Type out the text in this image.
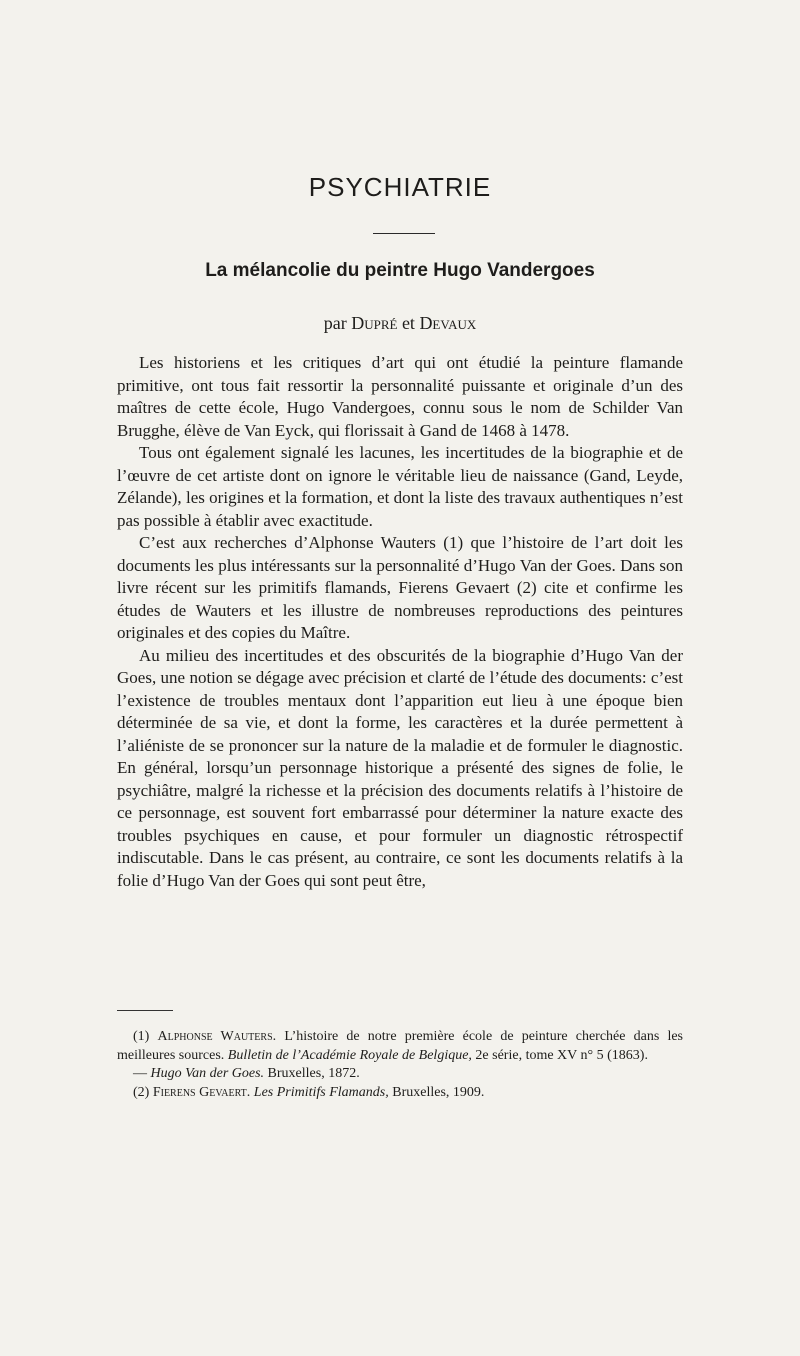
PSYCHIATRIE
La mélancolie du peintre Hugo Vandergoes
par Dupré et Devaux

Les historiens et les critiques d’art qui ont étudié la peinture flamande primitive, ont tous fait ressortir la personnalité puissante et originale d’un des maîtres de cette école, Hugo Vandergoes, connu sous le nom de Schilder Van Brugghe, élève de Van Eyck, qui florissait à Gand de 1468 à 1478.

Tous ont également signalé les lacunes, les incertitudes de la biographie et de l’œuvre de cet artiste dont on ignore le véritable lieu de naissance (Gand, Leyde, Zélande), les origines et la formation, et dont la liste des travaux authentiques n’est pas possible à établir avec exactitude.

C’est aux recherches d’Alphonse Wauters (1) que l’histoire de l’art doit les documents les plus intéressants sur la personnalité d’Hugo Van der Goes. Dans son livre récent sur les primitifs flamands, Fierens Gevaert (2) cite et confirme les études de Wauters et les illustre de nombreuses reproductions des peintures originales et des copies du Maître.

Au milieu des incertitudes et des obscurités de la biographie d’Hugo Van der Goes, une notion se dégage avec précision et clarté de l’étude des documents: c’est l’existence de troubles mentaux dont l’apparition eut lieu à une époque bien déterminée de sa vie, et dont la forme, les caractères et la durée permettent à l’aliéniste de se prononcer sur la nature de la maladie et de formuler le diagnostic. En général, lorsqu’un personnage historique a présenté des signes de folie, le psychiâtre, malgré la richesse et la précision des documents relatifs à l’histoire de ce personnage, est souvent fort embarrassé pour déterminer la nature exacte des troubles psychiques en cause, et pour formuler un diagnostic rétrospectif indiscutable. Dans le cas présent, au contraire, ce sont les documents relatifs à la folie d’Hugo Van der Goes qui sont peut être,

(1) Alphonse Wauters. L’histoire de notre première école de peinture cherchée dans les meilleures sources. Bulletin de l’Académie Royale de Belgique, 2e série, tome XV n° 5 (1863).

— Hugo Van der Goes. Bruxelles, 1872.

(2) Fierens Gevaert. Les Primitifs Flamands, Bruxelles, 1909.
